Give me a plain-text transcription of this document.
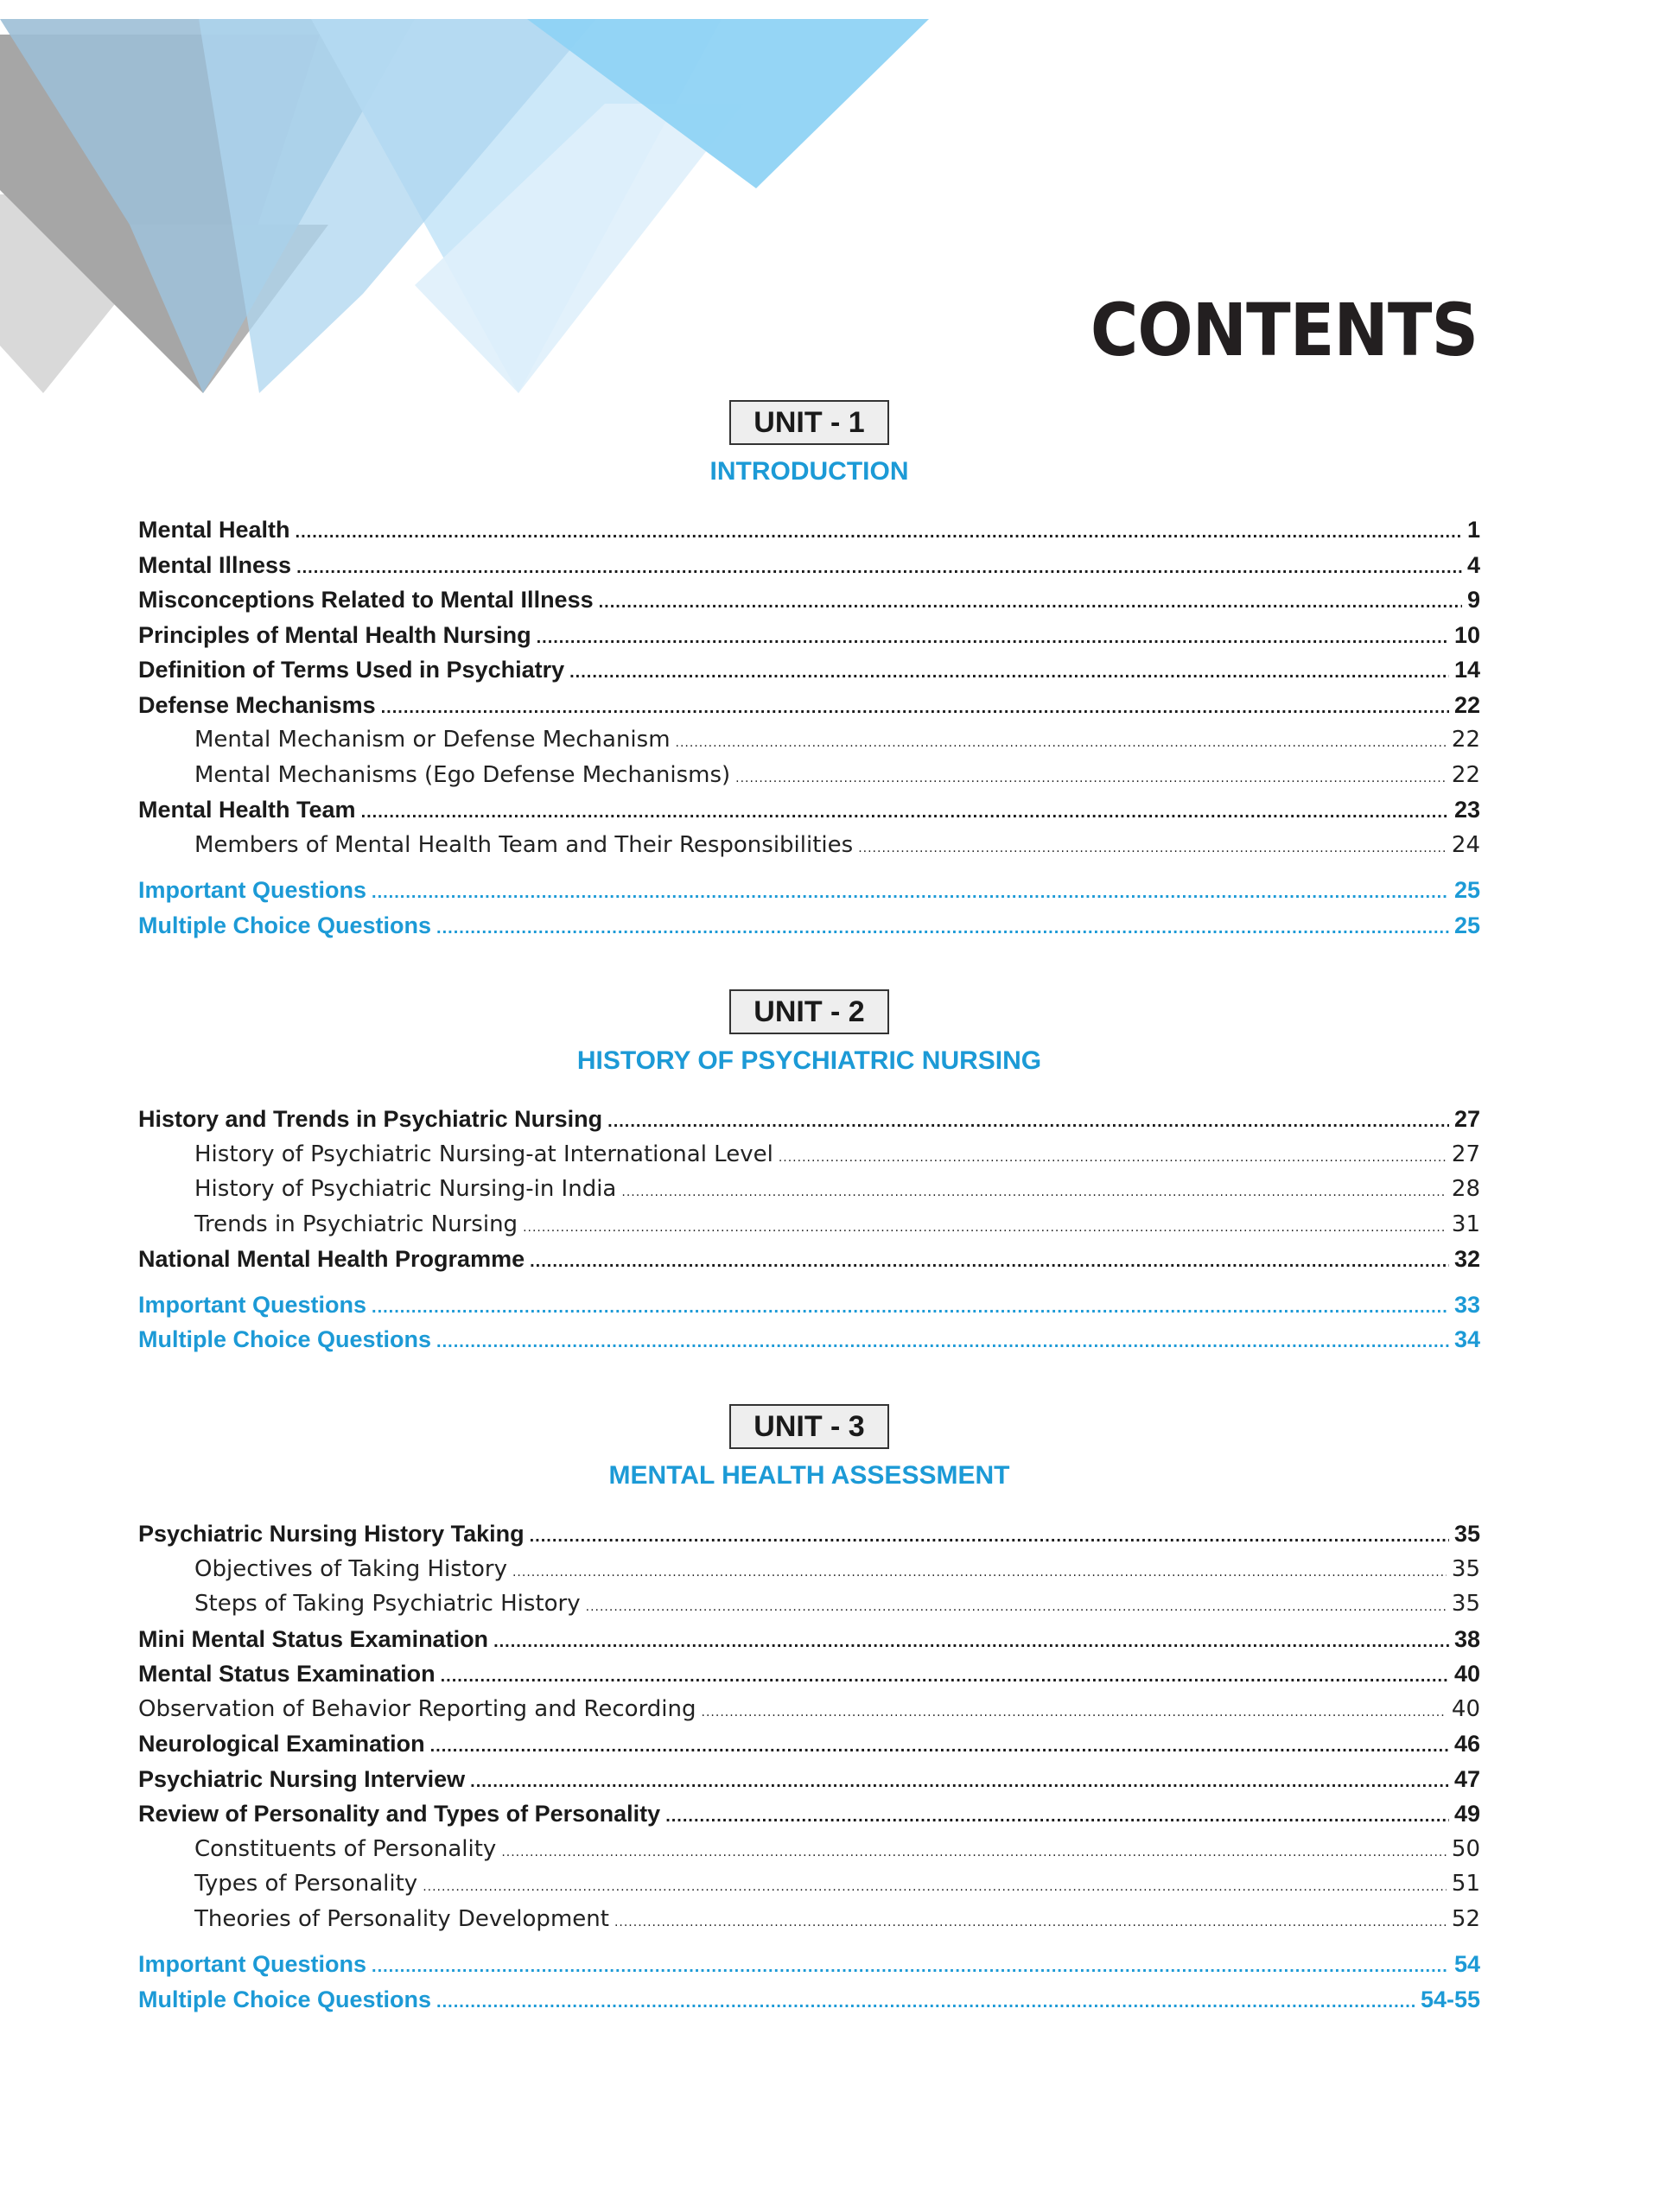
CONTENTS
UNIT - 1
INTRODUCTION
Mental Health .....	1
Mental Illness .....	4
Misconceptions Related to Mental Illness .....	9
Principles of Mental Health Nursing .....	10
Definition of Terms Used in Psychiatry .....	14
Defense Mechanisms .....	22
Mental Mechanism or Defense Mechanism .....	22
Mental Mechanisms (Ego Defense Mechanisms) .....	22
Mental Health Team .....	23
Members of Mental Health Team and Their Responsibilities .....	24
Important Questions .....	25
Multiple Choice Questions .....	25
UNIT - 2
HISTORY OF PSYCHIATRIC NURSING
History and Trends in Psychiatric Nursing .....	27
History of Psychiatric Nursing-at International Level .....	27
History of Psychiatric Nursing-in India .....	28
Trends in Psychiatric Nursing .....	31
National Mental Health Programme .....	32
Important Questions .....	33
Multiple Choice Questions .....	34
UNIT - 3
MENTAL HEALTH ASSESSMENT
Psychiatric Nursing History Taking .....	35
Objectives of Taking History .....	35
Steps of Taking Psychiatric History .....	35
Mini Mental Status Examination .....	38
Mental Status Examination .....	40
Observation of Behavior Reporting and Recording .....	40
Neurological Examination .....	46
Psychiatric Nursing Interview .....	47
Review of Personality and Types of Personality .....	49
Constituents of Personality .....	50
Types of Personality .....	51
Theories of Personality Development .....	52
Important Questions .....	54
Multiple Choice Questions .....	54-55
